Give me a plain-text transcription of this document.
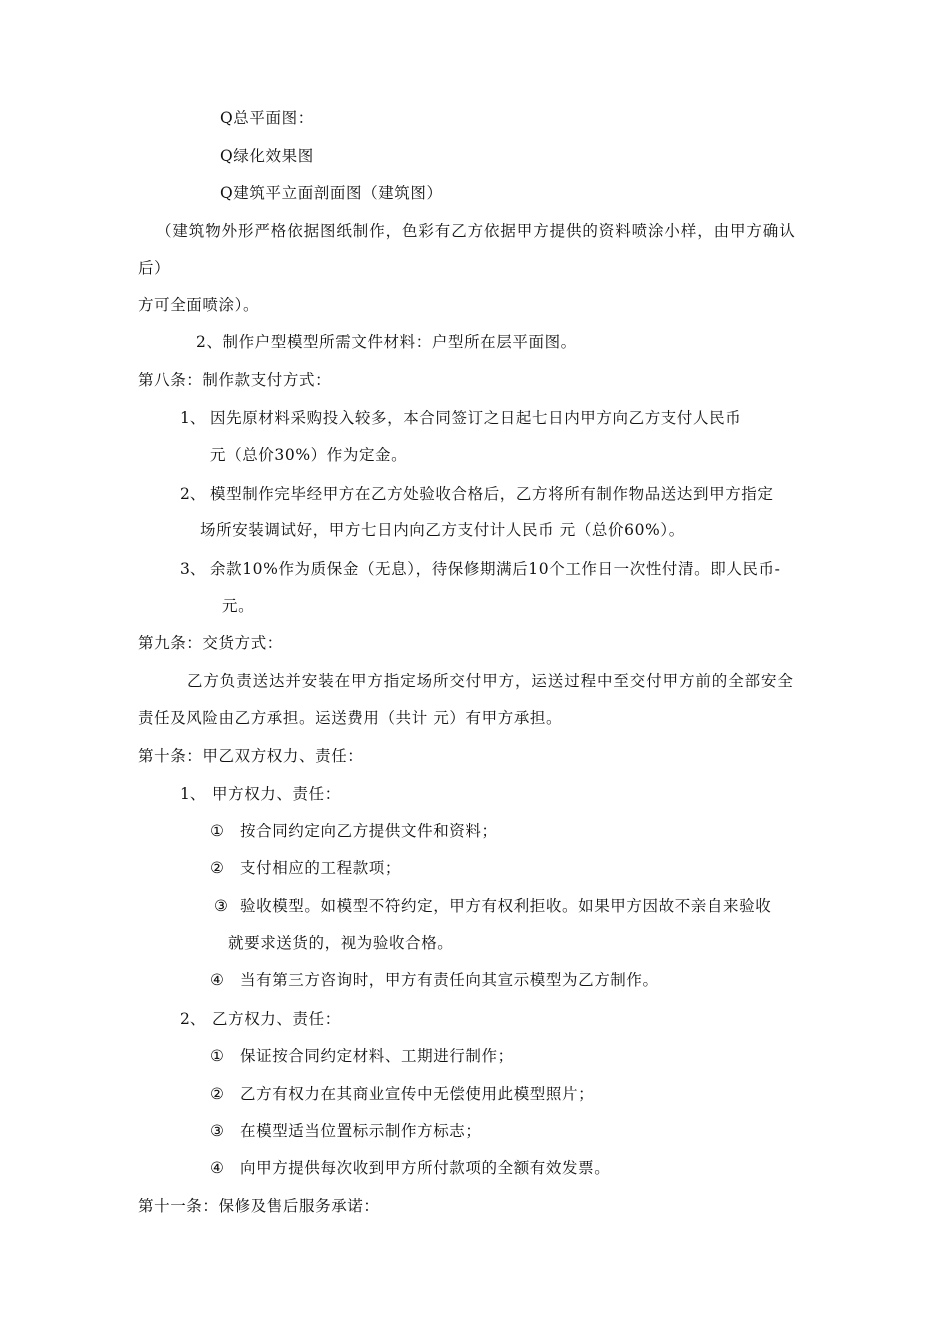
Q总平面图：

Q绿化效果图

Q建筑平立面剖面图（建筑图）

（建筑物外形严格依据图纸制作，色彩有乙方依据甲方提供的资料喷涂小样，由甲方确认

后）

方可全面喷涂）。

2、制作户型模型所需文件材料：户型所在层平面图。

第八条：制作款支付方式：

1、 因先原材料采购投入较多，本合同签订之日起七日内甲方向乙方支付人民币

元（总价30%）作为定金。

2、 模型制作完毕经甲方在乙方处验收合格后，乙方将所有制作物品送达到甲方指定

场所安装调试好，甲方七日内向乙方支付计人民币 元（总价60%）。

3、 余款10%作为质保金（无息），待保修期满后10个工作日一次性付清。即人民币-

元。

第九条：交货方式：

乙方负责送达并安装在甲方指定场所交付甲方，运送过程中至交付甲方前的全部安全

责任及风险由乙方承担。运送费用（共计 元）有甲方承担。

第十条：甲乙双方权力、责任：

1、 甲方权力、责任：

① 按合同约定向乙方提供文件和资料；

② 支付相应的工程款项；

③ 验收模型。如模型不符约定，甲方有权利拒收。如果甲方因故不亲自来验收

就要求送货的，视为验收合格。

④ 当有第三方咨询时，甲方有责任向其宣示模型为乙方制作。

2、 乙方权力、责任：

① 保证按合同约定材料、工期进行制作；

② 乙方有权力在其商业宣传中无偿使用此模型照片；

③ 在模型适当位置标示制作方标志；

④ 向甲方提供每次收到甲方所付款项的全额有效发票。

第十一条：保修及售后服务承诺：
